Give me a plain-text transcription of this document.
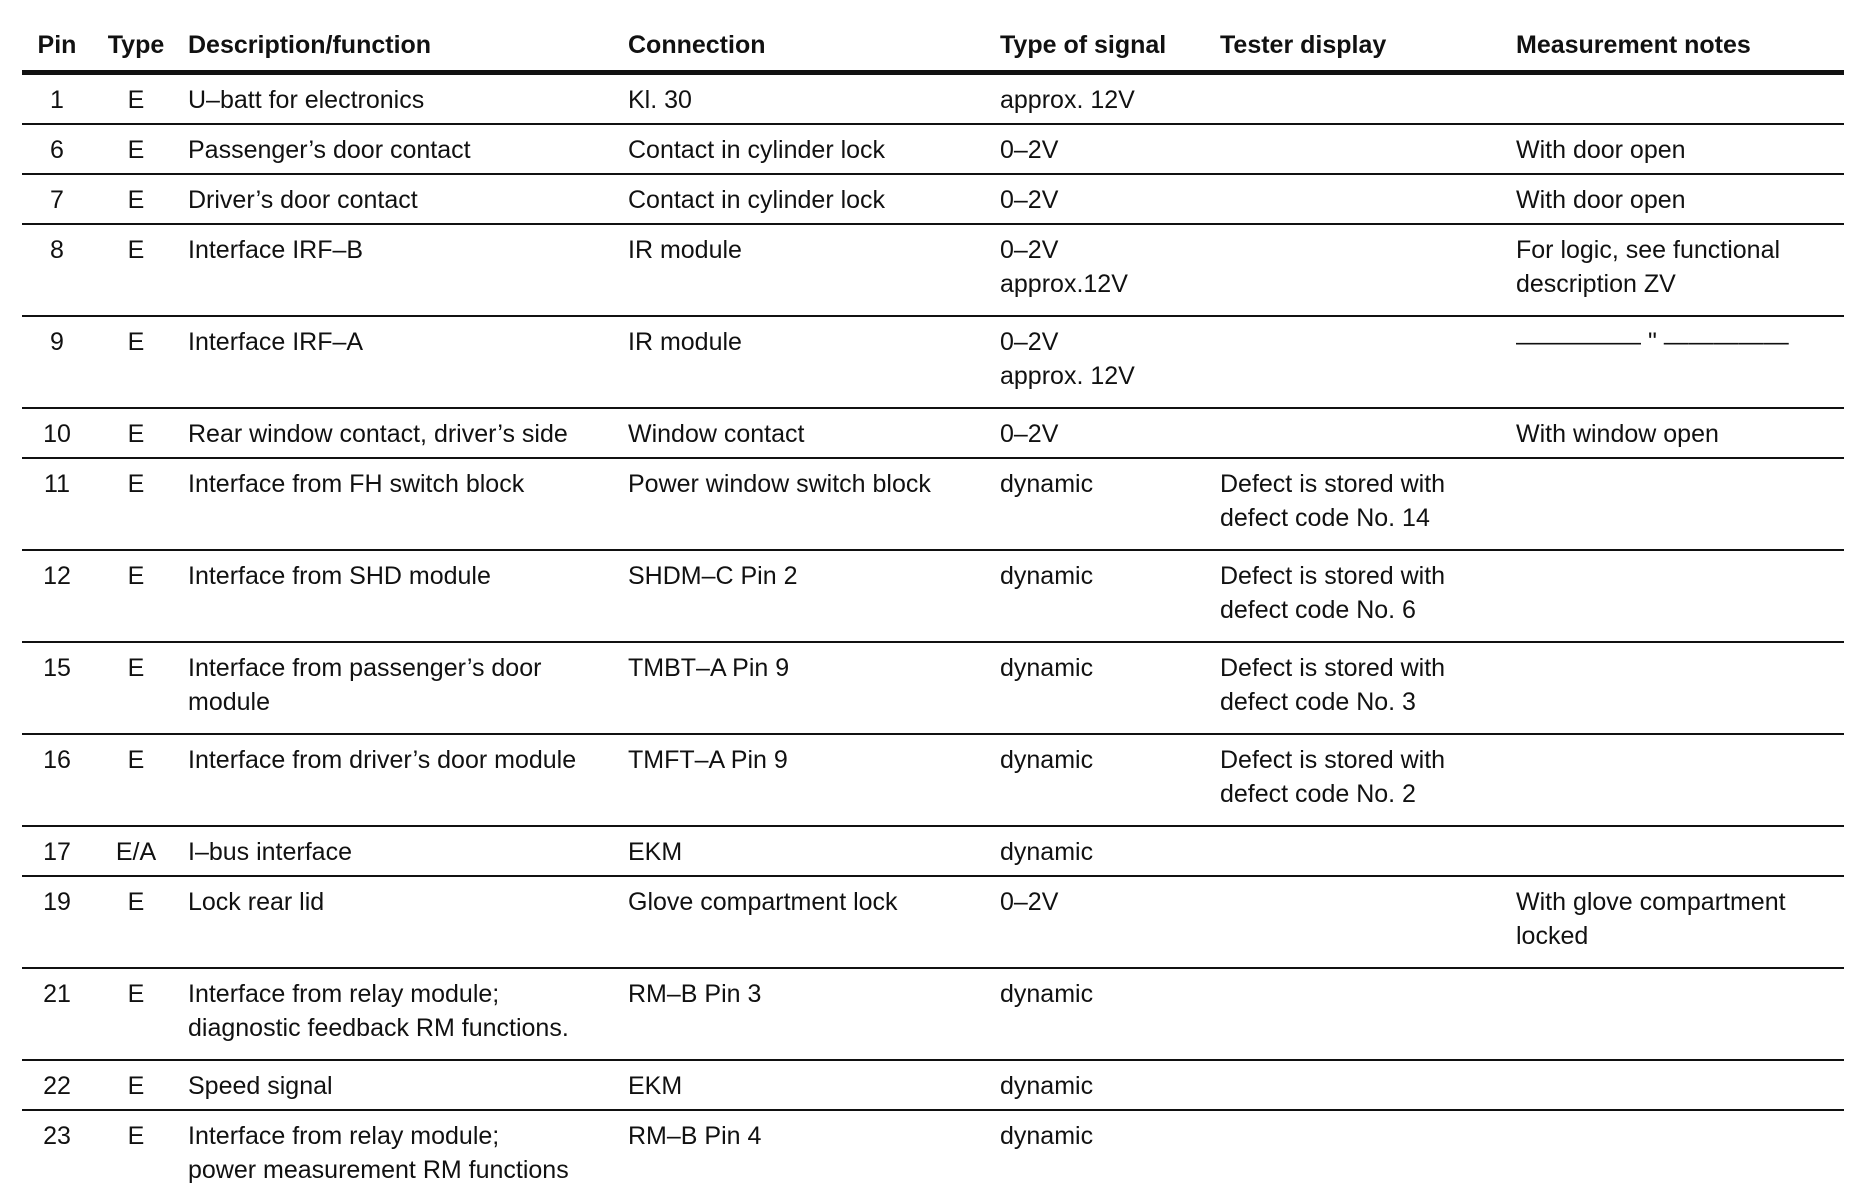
Pin	Type	Description/function	Connection	Type of signal	Tester display	Measurement notes
1	E	U–batt for electronics	Kl. 30	approx. 12V		

6	E	Passenger’s door contact	Contact in cylinder lock	0–2V		With door open

7	E	Driver’s door contact	Contact in cylinder lock	0–2V		With door open

8	E	Interface IRF–B	IR module	0–2V
approx.12V		For logic, see functional
description ZV

9	E	Interface IRF–A	IR module	0–2V
approx. 12V		————— " —————

10	E	Rear window contact, driver’s side	Window contact	0–2V		With window open

11	E	Interface from FH switch block	Power window switch block	dynamic	Defect is stored with
defect code No. 14	

12	E	Interface from SHD module	SHDM–C Pin 2	dynamic	Defect is stored with
defect code No. 6	

15	E	Interface from passenger’s door
module	TMBT–A Pin 9	dynamic	Defect is stored with
defect code No. 3	

16	E	Interface from driver’s door module	TMFT–A Pin 9	dynamic	Defect is stored with
defect code No. 2	

17	E/A	I–bus interface	EKM	dynamic		

19	E	Lock rear lid	Glove compartment lock	0–2V		With glove compartment
locked

21	E	Interface from relay module;
diagnostic feedback RM functions.	RM–B Pin 3	dynamic		

22	E	Speed signal	EKM	dynamic		

23	E	Interface from relay module;
power measurement RM functions	RM–B Pin 4	dynamic		
